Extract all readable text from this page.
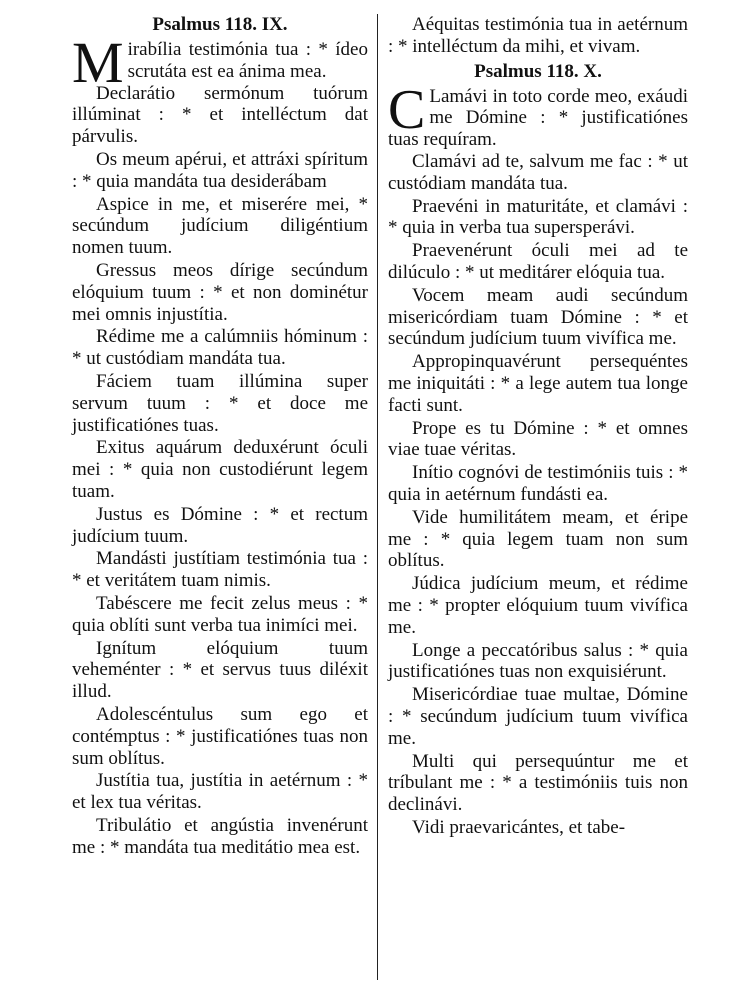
Psalmus 118. IX.

Mirabília testimónia tua : * ídeo scrutáta est ea ánima mea.

Declarátio sermónum tuórum illúminat : * et intelléctum dat párvulis.

Os meum apérui, et attráxi spíritum : * quia mandáta tua desiderábam

Aspice in me, et miserére mei, * secúndum judícium diligéntium nomen tuum.

Gressus meos dírige secúndum elóquium tuum : * et non dominétur mei omnis injustítia.

Rédime me a calúmniis hóminum : * ut custódiam mandáta tua.

Fáciem tuam illúmina super servum tuum : * et doce me justificatiónes tuas.

Exitus aquárum deduxérunt óculi mei : * quia non custodiérunt legem tuam.

Justus es Dómine : * et rectum judícium tuum.

Mandásti justítiam testimónia tua : * et veritátem tuam nimis.

Tabéscere me fecit zelus meus : * quia oblíti sunt verba tua inimíci mei.

Ignítum elóquium tuum veheménter : * et servus tuus diléxit illud.

Adolescéntulus sum ego et contémptus : * justificatiónes tuas non sum oblítus.

Justítia tua, justítia in aetérnum : * et lex tua véritas.

Tribulátio et angústia invenérunt me : * mandáta tua meditátio mea est.

Aéquitas testimónia tua in aetérnum : * intelléctum da mihi, et vivam.

Psalmus 118. X.

C Lamávi in toto corde meo, exáudi me Dómine : * justificatiónes tuas requíram.

Clamávi ad te, salvum me fac : * ut custódiam mandáta tua.

Praevéni in maturitáte, et clamávi : * quia in verba tua supersperávi.

Praevenérunt óculi mei ad te dilúculo : * ut meditárer elóquia tua.

Vocem meam audi secúndum misericórdiam tuam Dómine : * et secúndum judícium tuum vivífica me.

Appropinquavérunt persequéntes me iniquitáti : * a lege autem tua longe facti sunt.

Prope es tu Dómine : * et omnes viae tuae véritas.

Inítio cognóvi de testimóniis tuis : * quia in aetérnum fundásti ea.

Vide humilitátem meam, et éripe me : * quia legem tuam non sum oblítus.

Júdica judícium meum, et rédime me : * propter elóquium tuum vivífica me.

Longe a peccatóribus salus : * quia justificatiónes tuas non exquisiérunt.

Misericórdiae tuae multae, Dómine : * secúndum judícium tuum vivífica me.

Multi qui persequúntur me et tríbulant me : * a testimóniis tuis non declinávi.

Vidi praevaricántes, et tabe-
